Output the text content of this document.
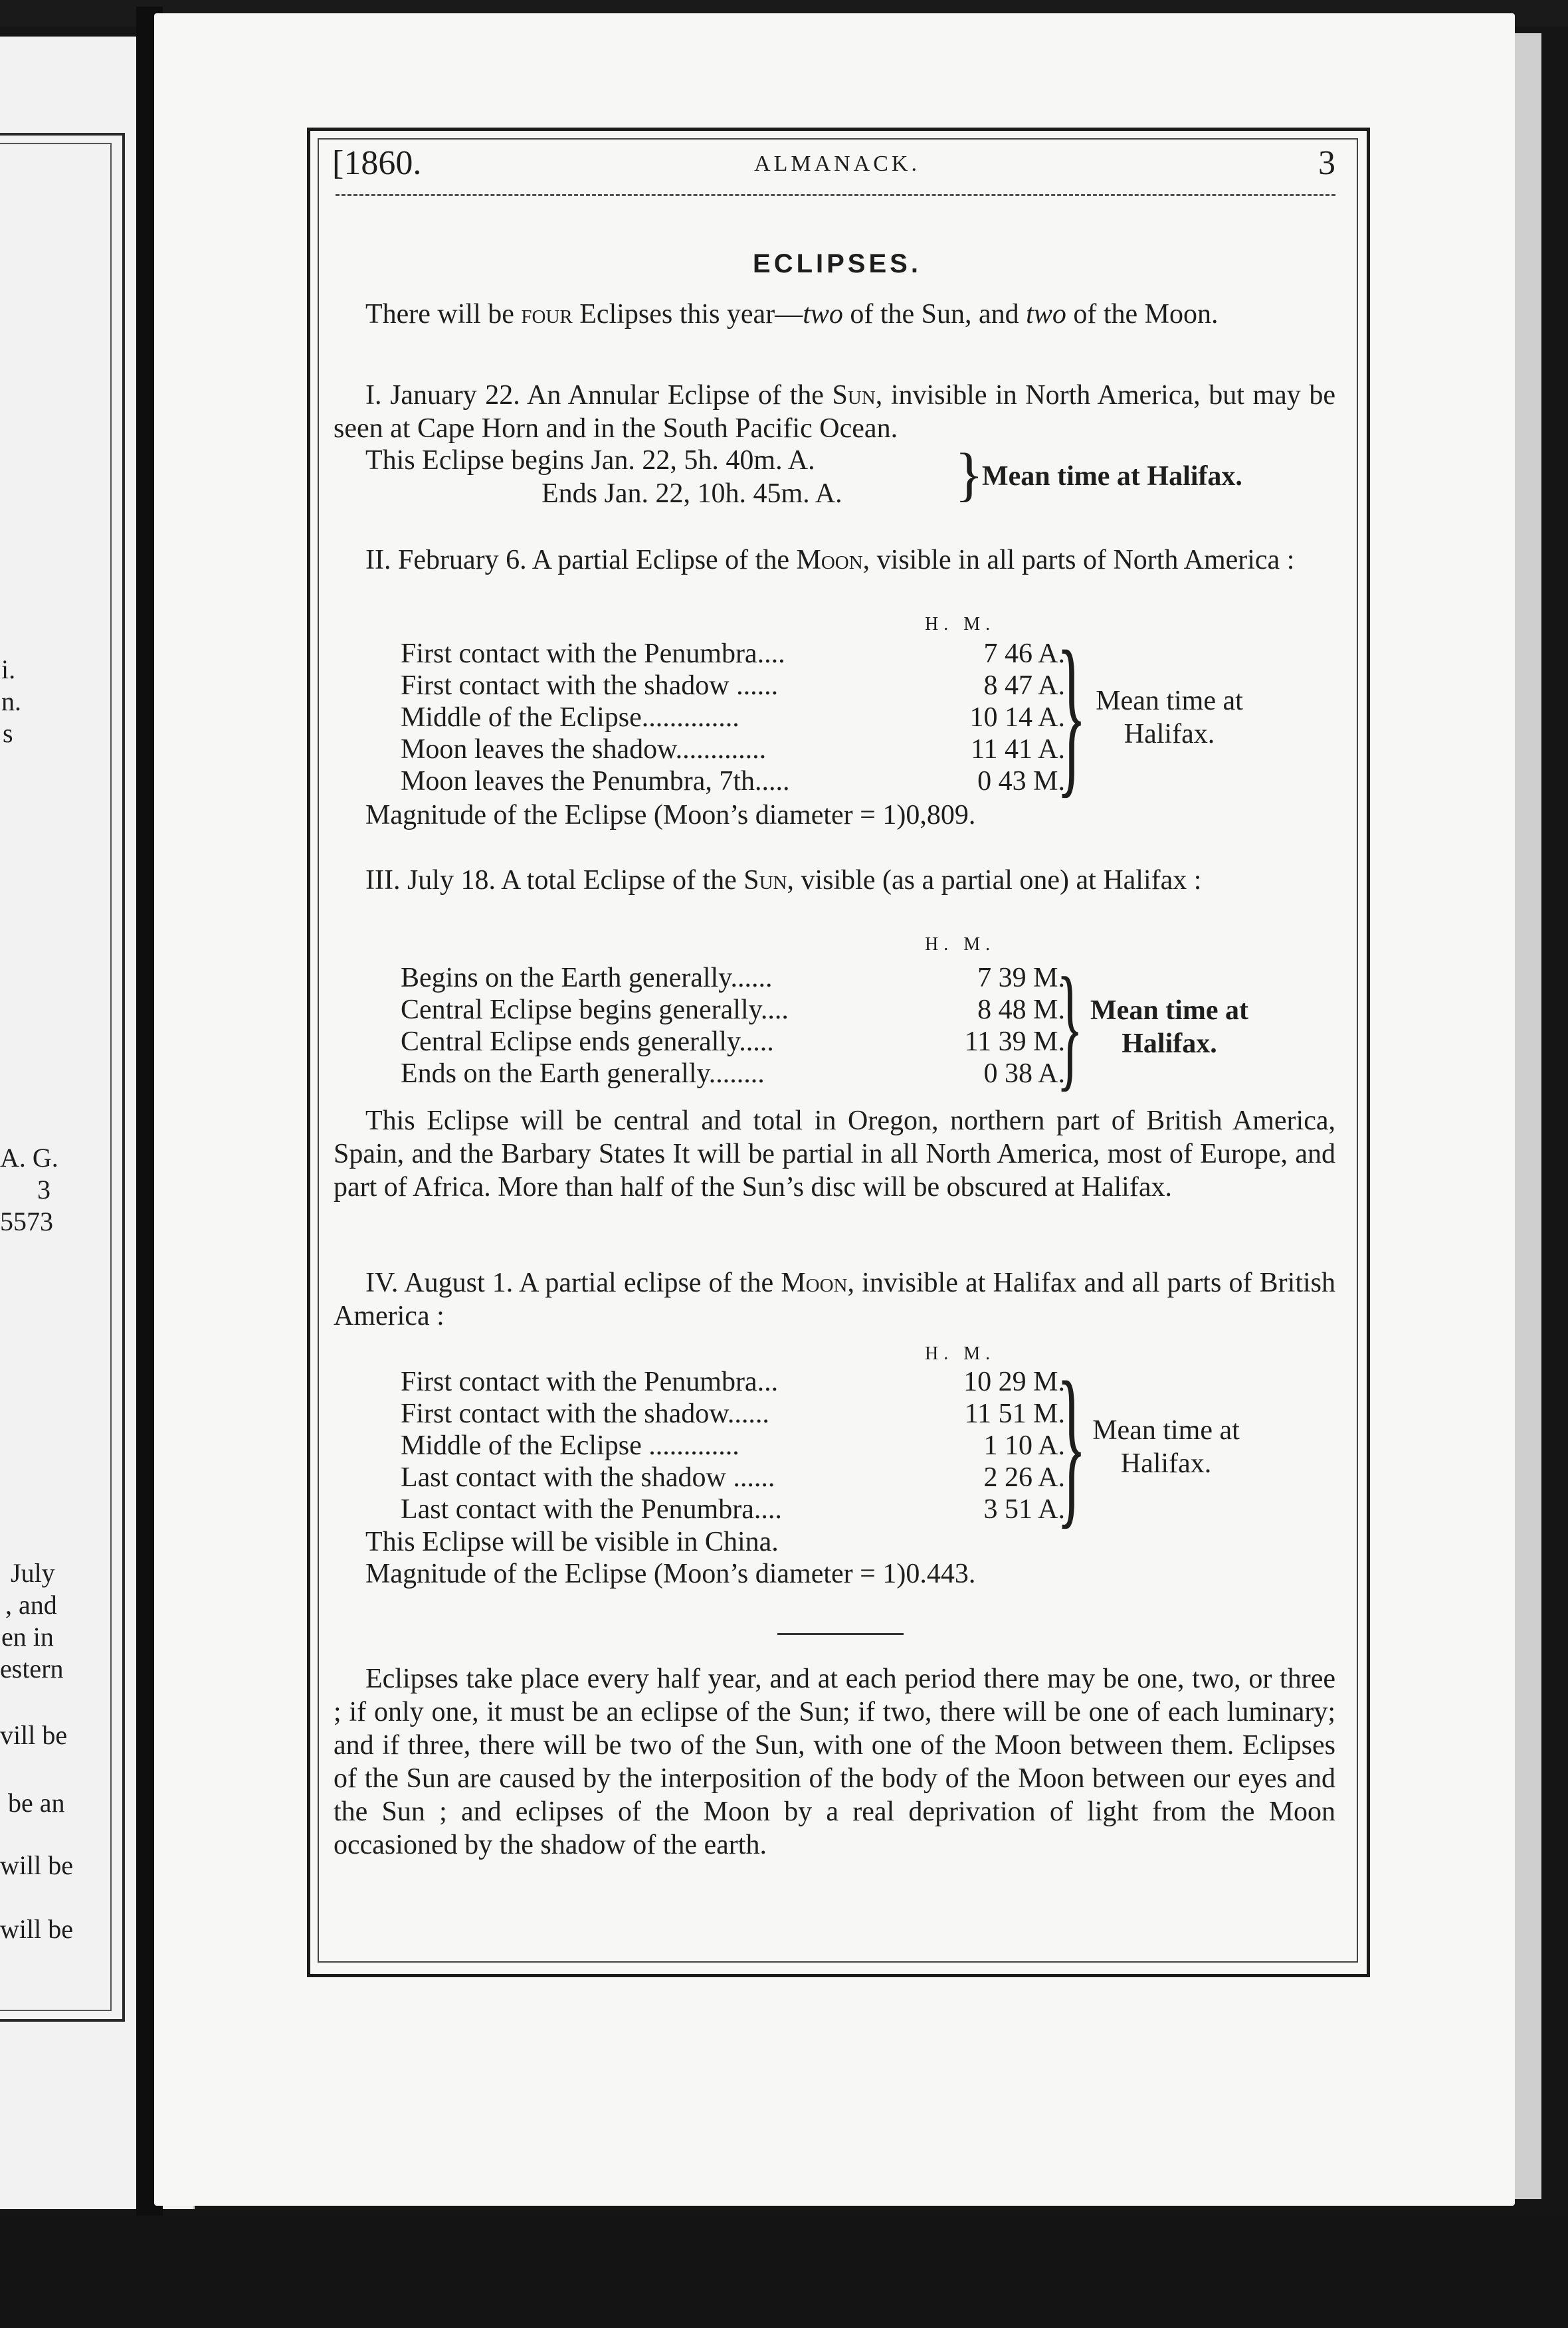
i.
n.
s
A. G.
3
5573
July
, and
en in
estern
vill be
be an
will be
will be
[1860.	ALMANACK.	3
ECLIPSES.
There will be four Eclipses this year—two of the Sun, and two of the Moon.
I. January 22. An Annular Eclipse of the Sun, invisible in North America, but may be seen at Cape Horn and in the South Pacific Ocean.
This Eclipse begins Jan. 22, 5h. 40m. A.
Ends Jan. 22, 10h. 45m. A. }
Mean time at Halifax.
II. February 6. A partial Eclipse of the Moon, visible in all parts of North America :
H. M.
First contact with the Penumbra....	7 46 A.
First contact with the shadow ......	8 47 A.
Middle of the Eclipse..............	10 14 A.
Moon leaves the shadow.............	11 41 A.
Moon leaves the Penumbra, 7th.....	0 43 M.
} Mean time at Halifax.
Magnitude of the Eclipse (Moon’s diameter = 1)0,809.
III. July 18. A total Eclipse of the Sun, visible (as a partial one) at Halifax :
H. M.
Begins on the Earth generally......	7 39 M.
Central Eclipse begins generally....	8 48 M.
Central Eclipse ends generally.....	11 39 M.
Ends on the Earth generally........	0 38 A.
} Mean time at Halifax.
This Eclipse will be central and total in Oregon, northern part of British America, Spain, and the Barbary States It will be partial in all North America, most of Europe, and part of Africa. More than half of the Sun’s disc will be obscured at Halifax.
IV. August 1. A partial eclipse of the Moon, invisible at Halifax and all parts of British America :
H. M.
First contact with the Penumbra...	10 29 M.
First contact with the shadow......	11 51 M.
Middle of the Eclipse .............	1 10 A.
Last contact with the shadow ......	2 26 A.
Last contact with the Penumbra....	3 51 A.
} Mean time at Halifax.
This Eclipse will be visible in China.
Magnitude of the Eclipse (Moon’s diameter = 1)0.443.
Eclipses take place every half year, and at each period there may be one, two, or three ; if only one, it must be an eclipse of the Sun; if two, there will be one of each luminary; and if three, there will be two of the Sun, with one of the Moon between them. Eclipses of the Sun are caused by the interposition of the body of the Moon between our eyes and the Sun ; and eclipses of the Moon by a real deprivation of light from the Moon occasioned by the shadow of the earth.
